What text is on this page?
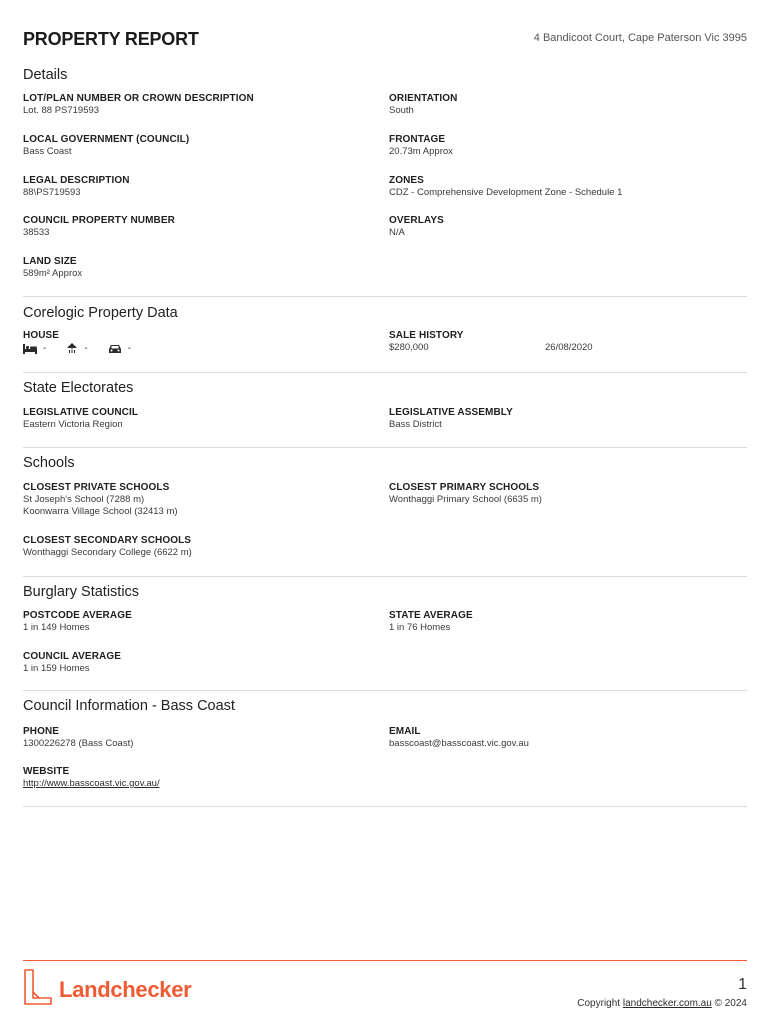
PROPERTY REPORT	4 Bandicoot Court, Cape Paterson Vic 3995
Details
LOT/PLAN NUMBER OR CROWN DESCRIPTION
Lot. 88 PS719593
ORIENTATION
South
LOCAL GOVERNMENT (COUNCIL)
Bass Coast
FRONTAGE
20.73m Approx
LEGAL DESCRIPTION
88\PS719593
ZONES
CDZ - Comprehensive Development Zone - Schedule 1
COUNCIL PROPERTY NUMBER
38533
OVERLAYS
N/A
LAND SIZE
589m² Approx
Corelogic Property Data
HOUSE
-	-	-
SALE HISTORY
$280,000	26/08/2020
State Electorates
LEGISLATIVE COUNCIL
Eastern Victoria Region
LEGISLATIVE ASSEMBLY
Bass District
Schools
CLOSEST PRIVATE SCHOOLS
St Joseph's School (7288 m)
Koonwarra Village School (32413 m)
CLOSEST PRIMARY SCHOOLS
Wonthaggi Primary School (6635 m)
CLOSEST SECONDARY SCHOOLS
Wonthaggi Secondary College (6622 m)
Burglary Statistics
POSTCODE AVERAGE
1 in 149 Homes
STATE AVERAGE
1 in 76 Homes
COUNCIL AVERAGE
1 in 159 Homes
Council Information - Bass Coast
PHONE
1300226278 (Bass Coast)
EMAIL
basscoast@basscoast.vic.gov.au
WEBSITE
http://www.basscoast.vic.gov.au/
Landchecker	1
Copyright landchecker.com.au © 2024
